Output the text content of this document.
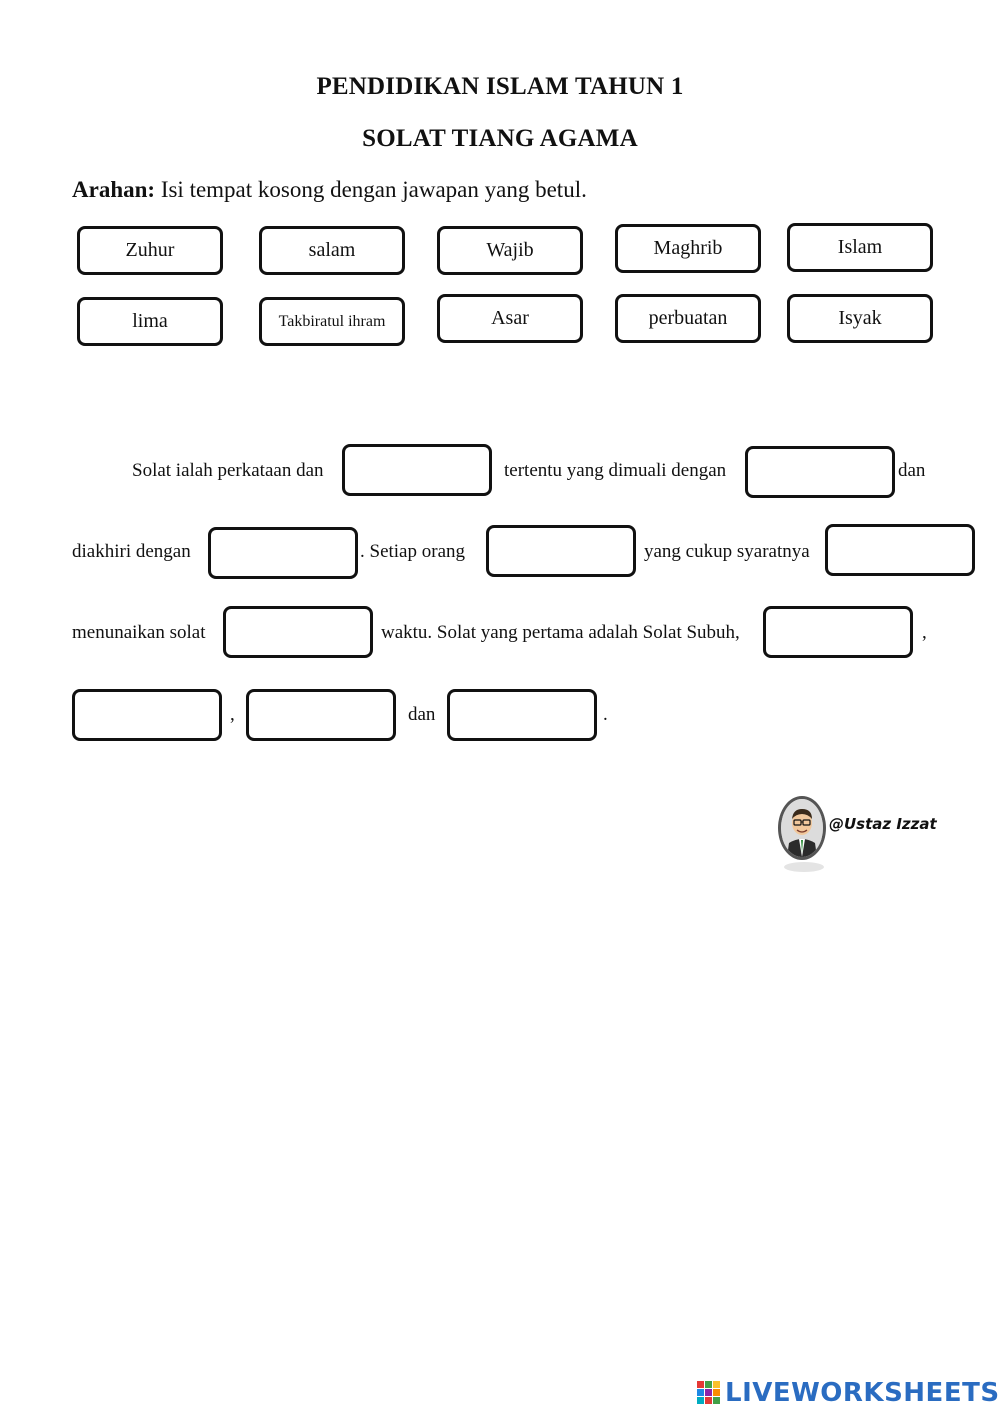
PENDIDIKAN ISLAM TAHUN 1
SOLAT TIANG AGAMA
Arahan: Isi tempat kosong dengan jawapan yang betul.
Zuhur	salam	Wajib	Maghrib	Islam
lima	Takbiratul ihram	Asar	perbuatan	Isyak
Solat ialah perkataan dan	tertentu yang dimuali dengan	dan
diakhiri dengan	. Setiap orang	yang cukup syaratnya
menunaikan solat	waktu. Solat yang pertama adalah Solat Subuh,	,
,	dan	.
@Ustaz Izzat
LIVEWORKSHEETS
